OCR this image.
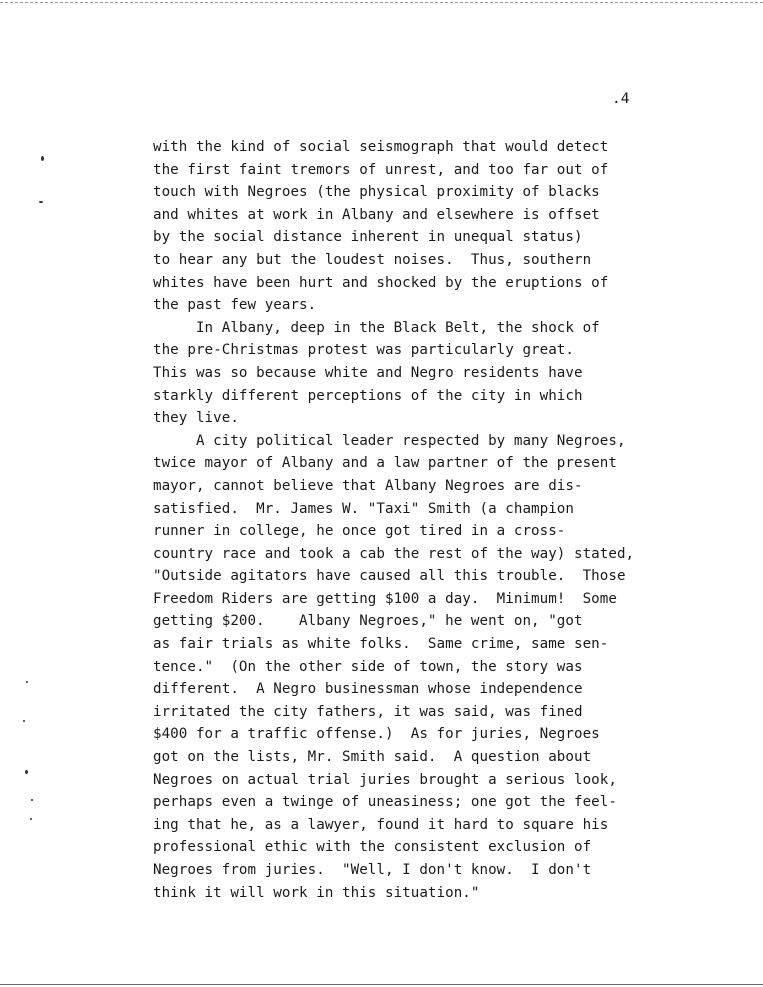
.4
with the kind of social seismograph that would detect
the first faint tremors of unrest, and too far out of
touch with Negroes (the physical proximity of blacks
and whites at work in Albany and elsewhere is offset
by the social distance inherent in unequal status)
to hear any but the loudest noises.  Thus, southern
whites have been hurt and shocked by the eruptions of
the past few years.
In Albany, deep in the Black Belt, the shock of
the pre-Christmas protest was particularly great.
This was so because white and Negro residents have
starkly different perceptions of the city in which
they live.
A city political leader respected by many Negroes,
twice mayor of Albany and a law partner of the present
mayor, cannot believe that Albany Negroes are dis-
satisfied.  Mr. James W. "Taxi" Smith (a champion
runner in college, he once got tired in a cross-
country race and took a cab the rest of the way) stated,
"Outside agitators have caused all this trouble.  Those
Freedom Riders are getting $100 a day.  Minimum!  Some
getting $200.    Albany Negroes," he went on, "got
as fair trials as white folks.  Same crime, same sen-
tence."  (On the other side of town, the story was
different.  A Negro businessman whose independence
irritated the city fathers, it was said, was fined
$400 for a traffic offense.)  As for juries, Negroes
got on the lists, Mr. Smith said.  A question about
Negroes on actual trial juries brought a serious look,
perhaps even a twinge of uneasiness; one got the feel-
ing that he, as a lawyer, found it hard to square his
professional ethic with the consistent exclusion of
Negroes from juries.  "Well, I don't know.  I don't
think it will work in this situation."
